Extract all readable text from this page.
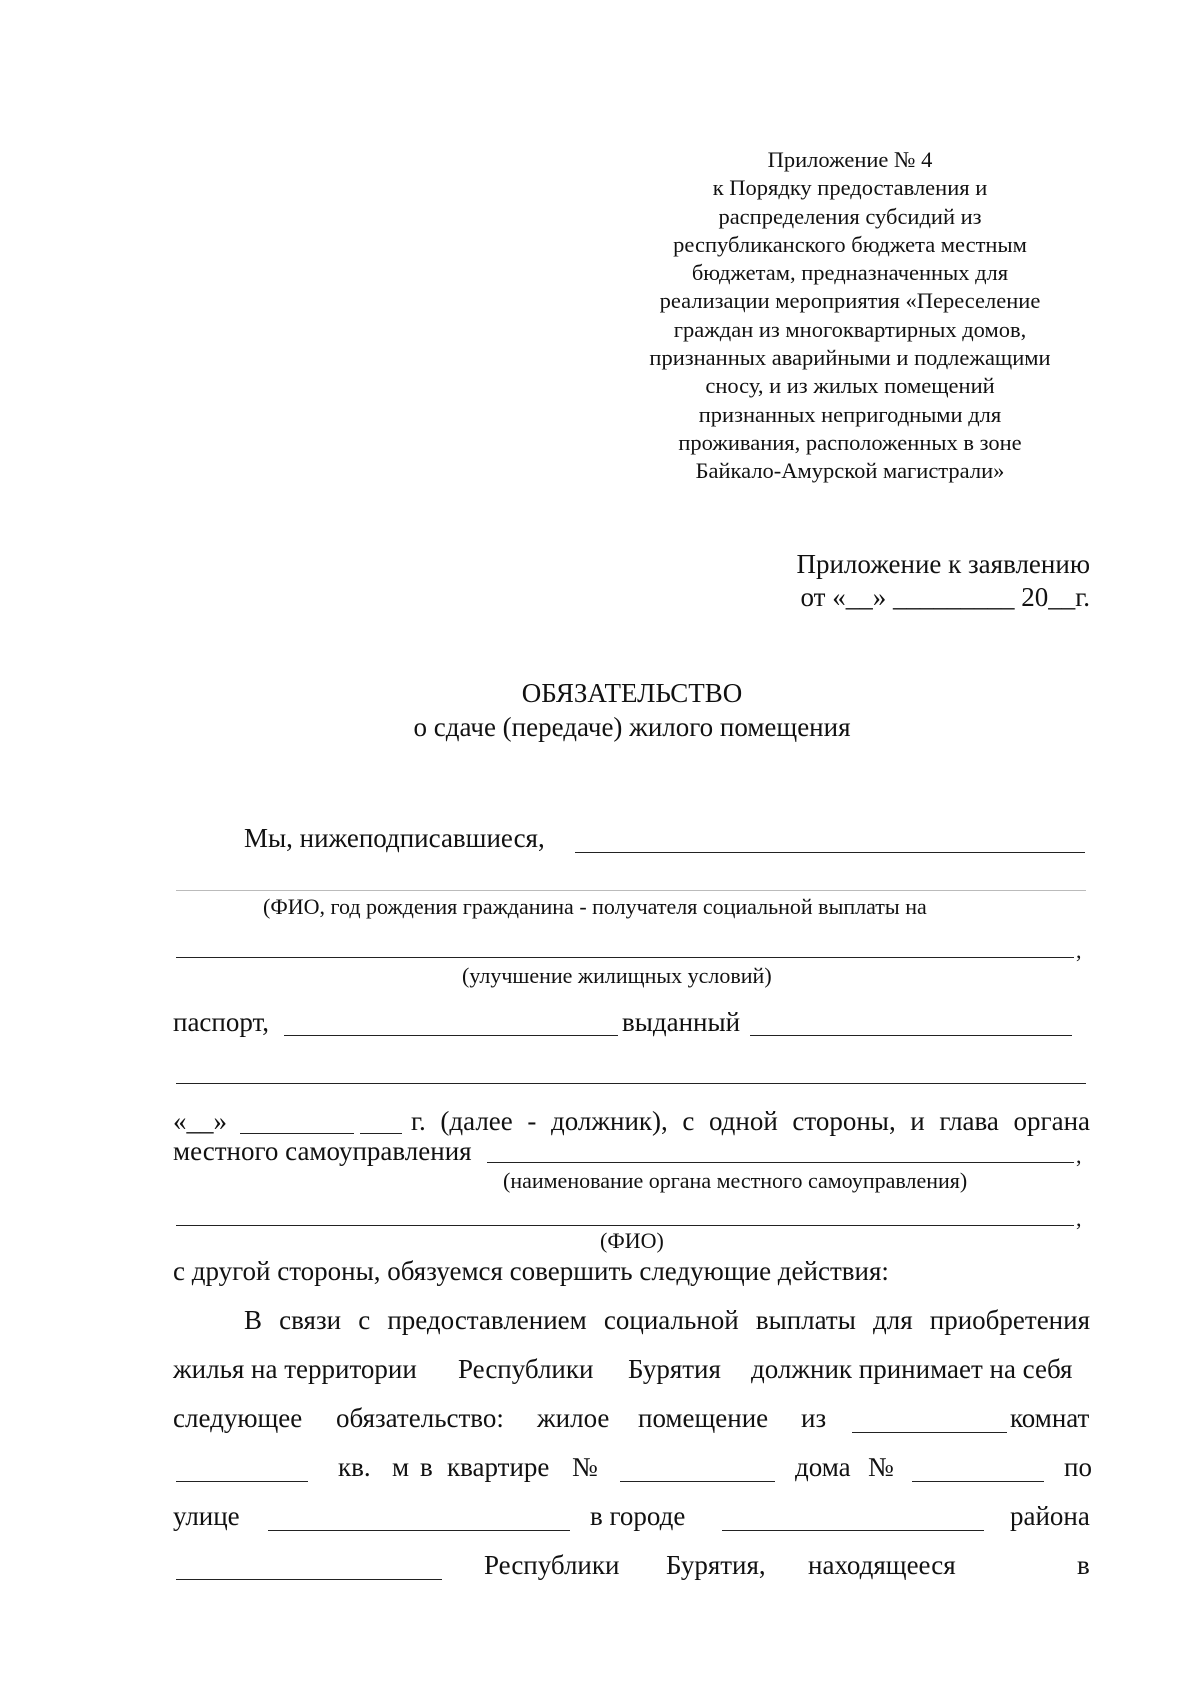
Приложение № 4
к Порядку предоставления и
распределения субсидий из
республиканского бюджета местным
бюджетам, предназначенных для
реализации мероприятия «Переселение
граждан из многоквартирных домов,
признанных аварийными и подлежащими
сносу, и из жилых помещений
признанных непригодными для
проживания, расположенных в зоне
Байкало-Амурской магистрали»
Приложение к заявлению
от «__» _________ 20__г.
ОБЯЗАТЕЛЬСТВО
о сдаче (передаче) жилого помещения
Мы, нижеподписавшиеся,
(ФИО, год рождения гражданина - получателя социальной выплаты на
,
(улучшение жилищных условий)
паспорт,	выданный
«__»	г. (далее - должник), с одной стороны, и глава органа
местного самоуправления	,
(наименование органа местного самоуправления)
,
(ФИО)
с другой стороны, обязуемся совершить следующие действия:
В связи с предоставлением социальной выплаты для приобретения
жилья на территории Республики Бурятия должник принимает на себя
следующее обязательство: жилое помещение из	комнат
кв. м в квартире №	дома №	по
улице	в городе	района
Республики Бурятия, находящееся	в
